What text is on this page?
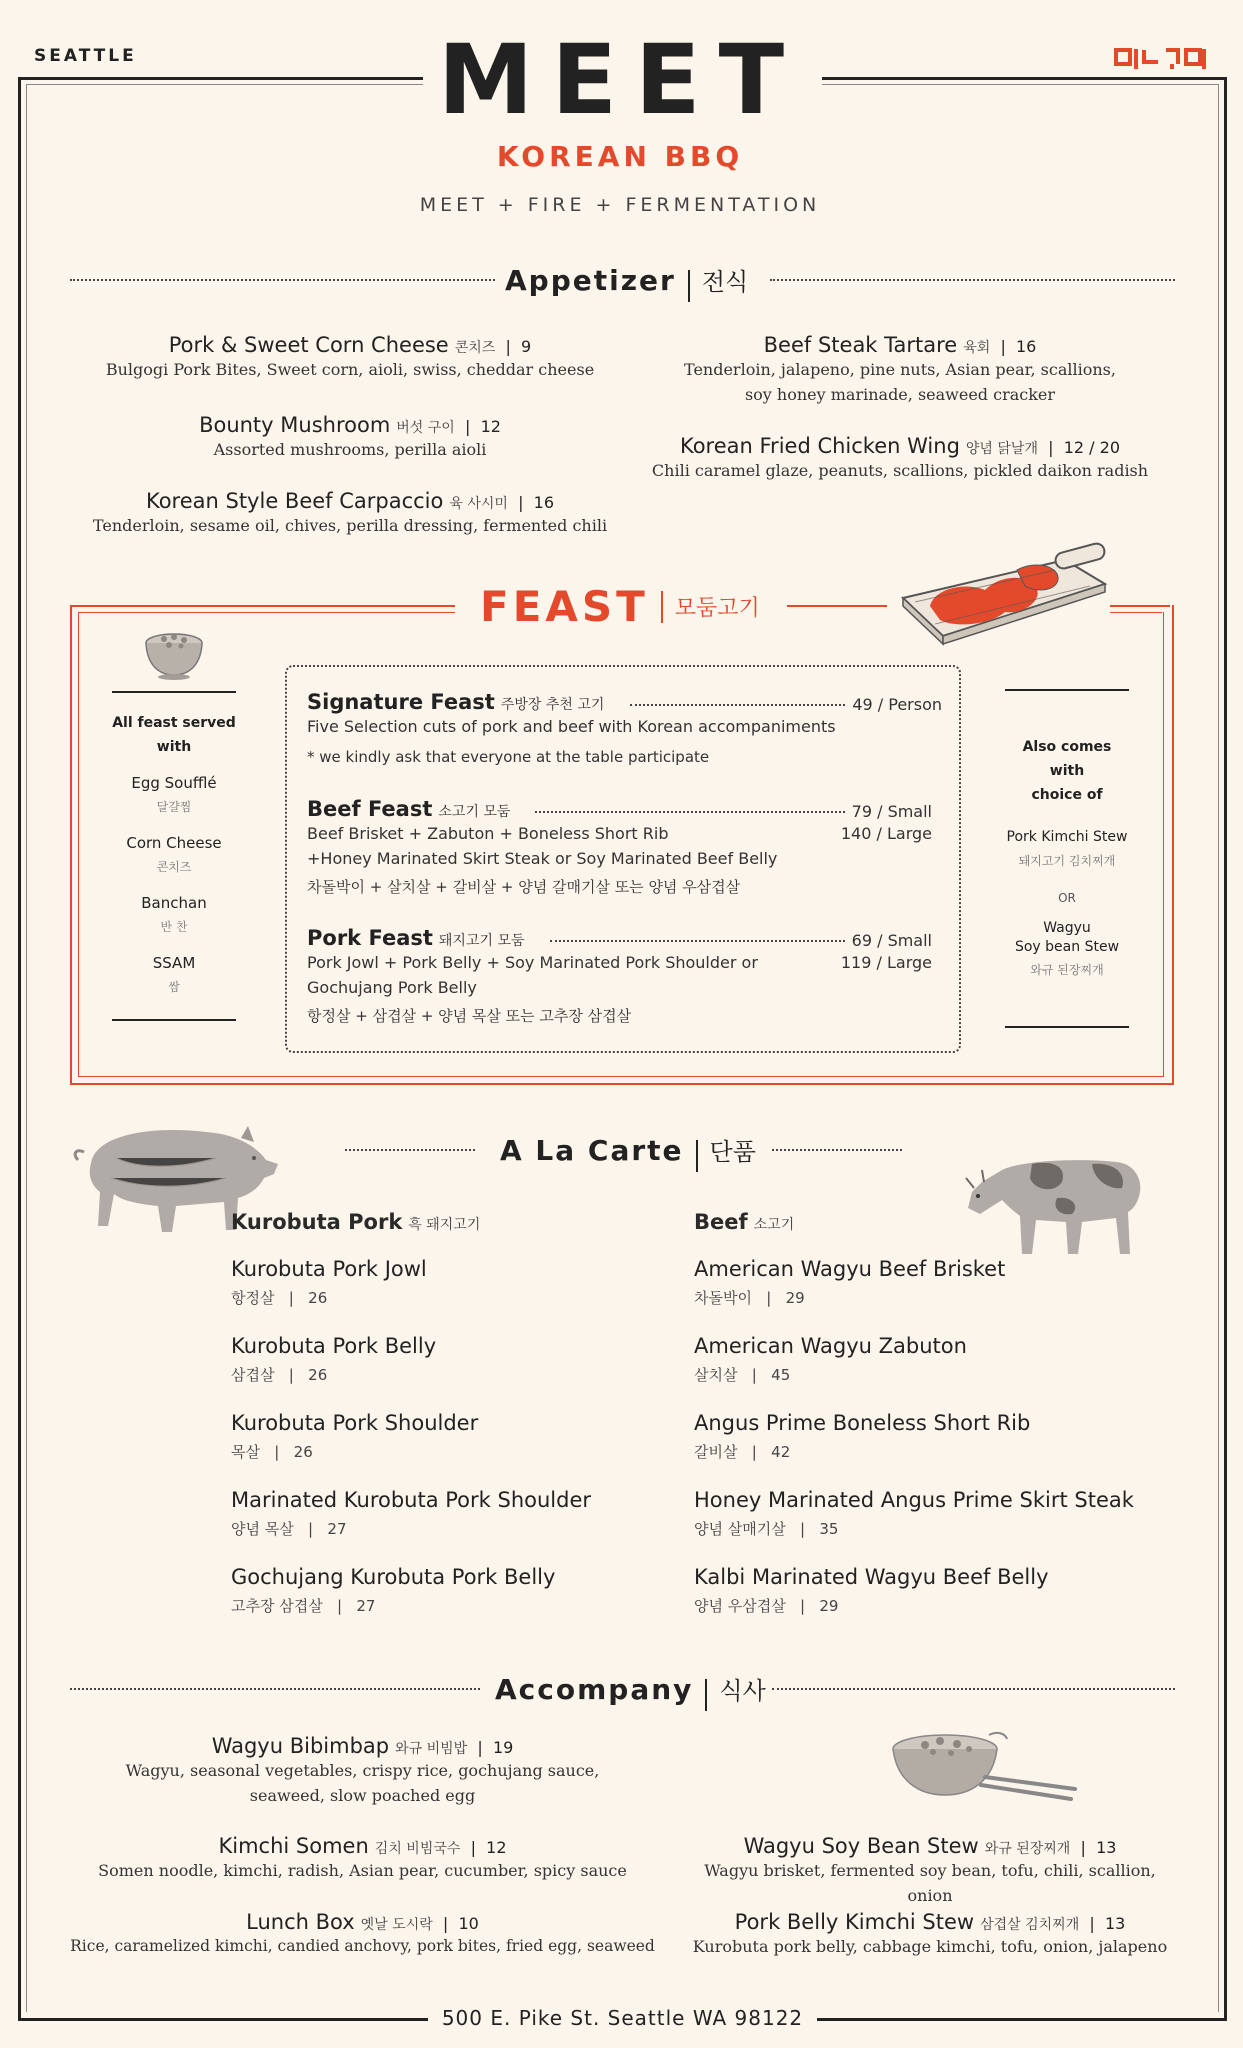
SEATTLE	MEET
KOREAN BBQ
MEET + FIRE + FERMENTATION
Appetizer 전식
Pork & Sweet Corn Cheese 콘치즈  |  9
Bulgogi Pork Bites, Sweet corn, aioli, swiss, cheddar cheese
Bounty Mushroom 버섯 구이  |  12
Assorted mushrooms, perilla aioli
Korean Style Beef Carpaccio 육 사시미  |  16
Tenderloin, sesame oil, chives, perilla dressing, fermented chili
Beef Steak Tartare 육회  |  16
Tenderloin, jalapeno, pine nuts, Asian pear, scallions,
soy honey marinade, seaweed cracker
Korean Fried Chicken Wing 양념 닭날개  |  12 / 20
Chili caramel glaze, peanuts, scallions, pickled daikon radish
FEAST 모둠고기
All feast served
with
Egg Soufflé
달걀찜
Corn Cheese
콘치즈
Banchan
반 찬
SSAM
쌈
Also comes with
choice of
Pork Kimchi Stew
돼지고기 김치찌개
OR
Wagyu
Soy bean Stew
와규 된장찌개
Signature Feast 주방장 추천 고기	49 / Person
Five Selection cuts of pork and beef with Korean accompaniments
* we kindly ask that everyone at the table participate
Beef Feast 소고기 모둠	79 / Small
140 / Large
Beef Brisket + Zabuton + Boneless Short Rib
+Honey Marinated Skirt Steak or Soy Marinated Beef Belly
차돌박이 + 살치살 + 갈비살 + 양념 갈매기살 또는 양념 우삼겹살
Pork Feast 돼지고기 모둠	69 / Small
119 / Large
Pork Jowl + Pork Belly + Soy Marinated Pork Shoulder or
Gochujang Pork Belly
항정살 + 삼겹살 + 양념 목살 또는 고추장 삼겹살
A La Carte 단품
Kurobuta Pork 흑 돼지고기
Kurobuta Pork Jowl
항정살   |   26
Kurobuta Pork Belly
삼겹살   |   26
Kurobuta Pork Shoulder
목살   |   26
Marinated Kurobuta Pork Shoulder
양념 목살   |   27
Gochujang Kurobuta Pork Belly
고추장 삼겹살   |   27
Beef 소고기
American Wagyu Beef Brisket
차돌박이   |   29
American Wagyu Zabuton
살치살   |   45
Angus Prime Boneless Short Rib
갈비살   |   42
Honey Marinated Angus Prime Skirt Steak
양념 살매기살   |   35
Kalbi Marinated Wagyu Beef Belly
양념 우삼겹살   |   29
Accompany 식사
Wagyu Bibimbap 와규 비빔밥  |  19
Wagyu, seasonal vegetables, crispy rice, gochujang sauce,
seaweed, slow poached egg
Kimchi Somen 김치 비빔국수  |  12
Somen noodle, kimchi, radish, Asian pear, cucumber, spicy sauce
Lunch Box 옛날 도시락  |  10
Rice, caramelized kimchi, candied anchovy, pork bites, fried egg, seaweed
Wagyu Soy Bean Stew 와규 된장찌개  |  13
Wagyu brisket, fermented soy bean, tofu, chili, scallion, onion
Pork Belly Kimchi Stew 삼겹살 김치찌개  |  13
Kurobuta pork belly, cabbage kimchi, tofu, onion, jalapeno
500 E. Pike St. Seattle WA 98122
